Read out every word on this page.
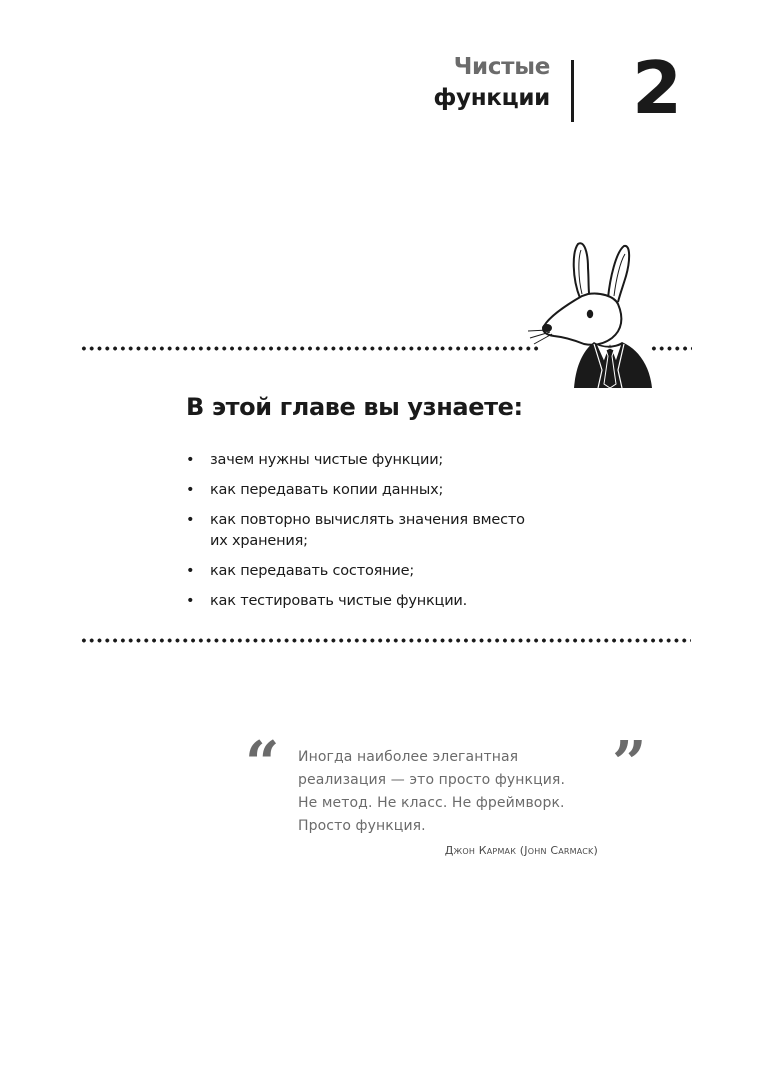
Чистые
функции 2
В этой главе вы узнаете:
• зачем нужны чистые функции;
• как передавать копии данных;
• как повторно вычислять значения вместо
их хранения;
• как передавать состояние;
• как тестировать чистые функции.
“ Иногда наиболее элегантная
реализация — это просто функция.
Не метод. Не класс. Не фреймворк.
Просто функция.
”
Джон Кармак (John Carmack)
